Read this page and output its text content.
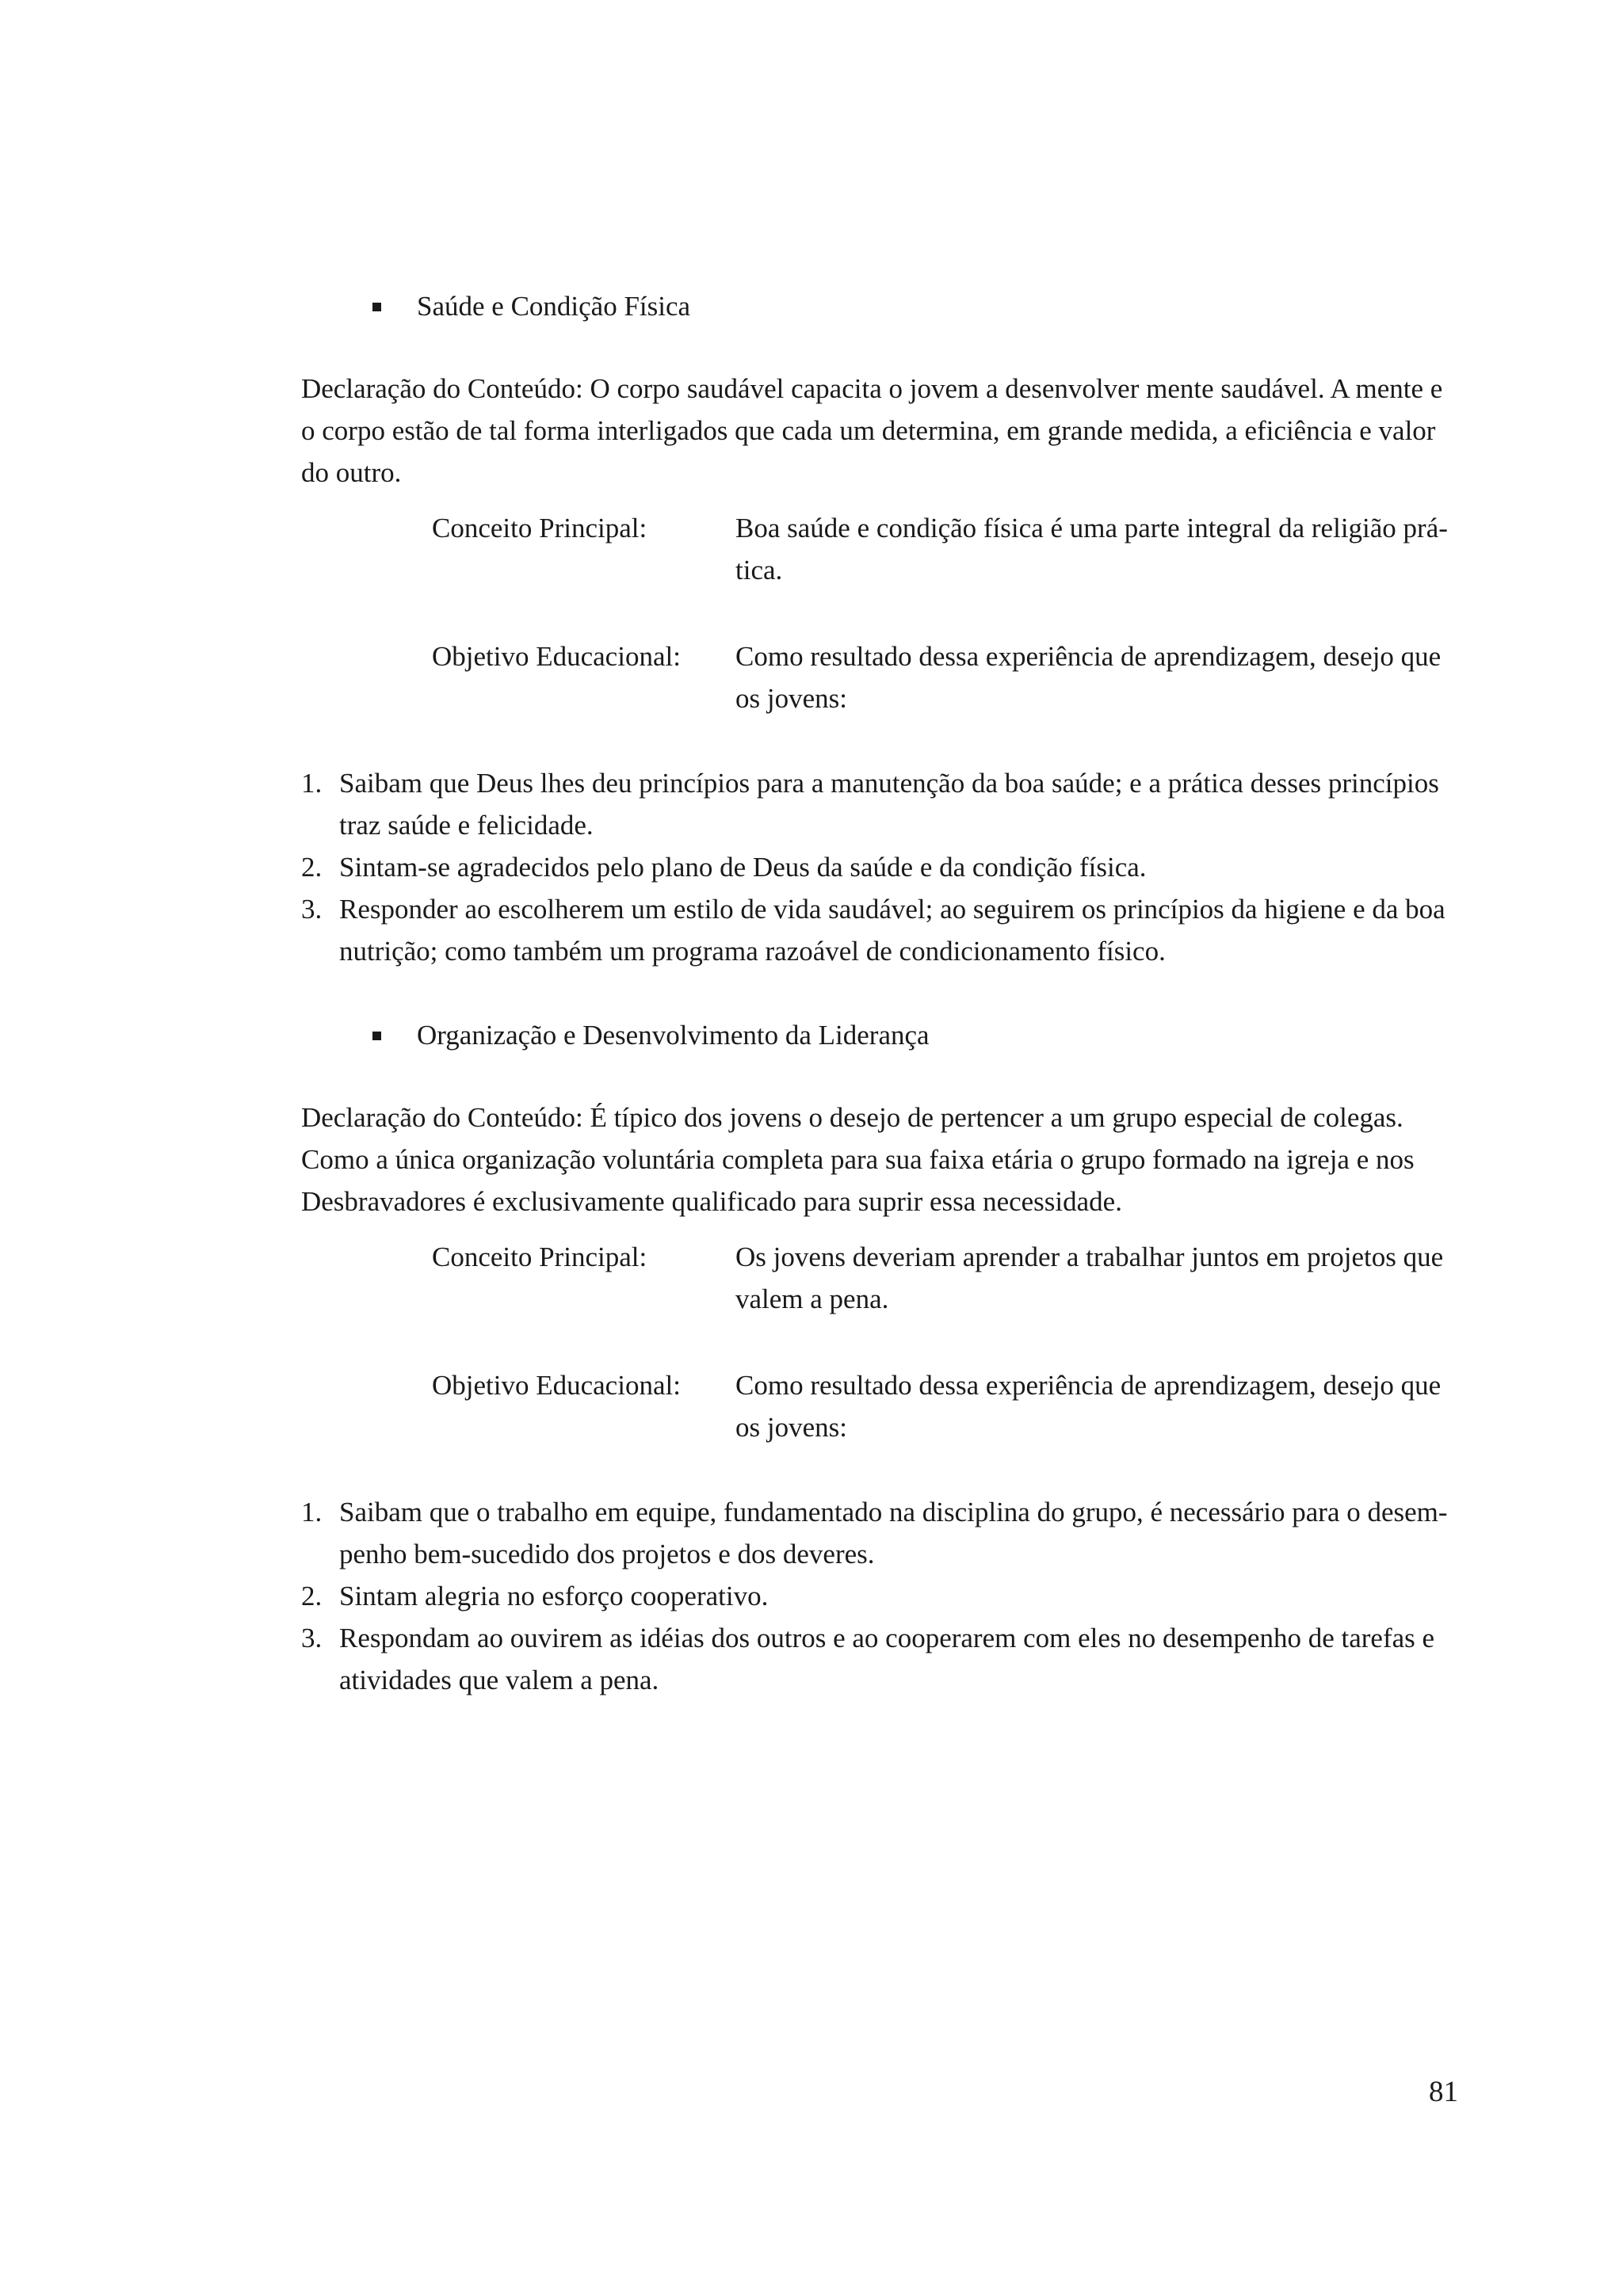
Saúde e Condição Física

Declaração do Conteúdo: O corpo saudável capacita o jovem a desenvolver mente saudável. A mente e

o corpo estão de tal forma interligados que cada um determina, em grande medida, a eficiência e valor

do outro.

Conceito Principal:	Boa saúde e condição física é uma parte integral da religião prá-

tica.

Objetivo Educacional: Como resultado dessa experiência de aprendizagem, desejo que

os jovens:

1. Saibam que Deus lhes deu princípios para a manutenção da boa saúde; e a prática desses princípios

traz saúde e felicidade.

2. Sintam-se agradecidos pelo plano de Deus da saúde e da condição física.

3. Responder ao escolherem um estilo de vida saudável; ao seguirem os princípios da higiene e da boa

nutrição; como também um programa razoável de condicionamento físico.

Organização e Desenvolvimento da Liderança

Declaração do Conteúdo: É típico dos jovens o desejo de pertencer a um grupo especial de colegas.

Como a única organização voluntária completa para sua faixa etária o grupo formado na igreja e nos

Desbravadores é exclusivamente qualificado para suprir essa necessidade.

Conceito Principal:	Os jovens deveriam aprender a trabalhar juntos em projetos que

valem a pena.

Objetivo Educacional: Como resultado dessa experiência de aprendizagem, desejo que

os jovens:

1. Saibam que o trabalho em equipe, fundamentado na disciplina do grupo, é necessário para o desem-

penho bem-sucedido dos projetos e dos deveres.

2. Sintam alegria no esforço cooperativo.

3. Respondam ao ouvirem as idéias dos outros e ao cooperarem com eles no desempenho de tarefas e

atividades que valem a pena.

81
